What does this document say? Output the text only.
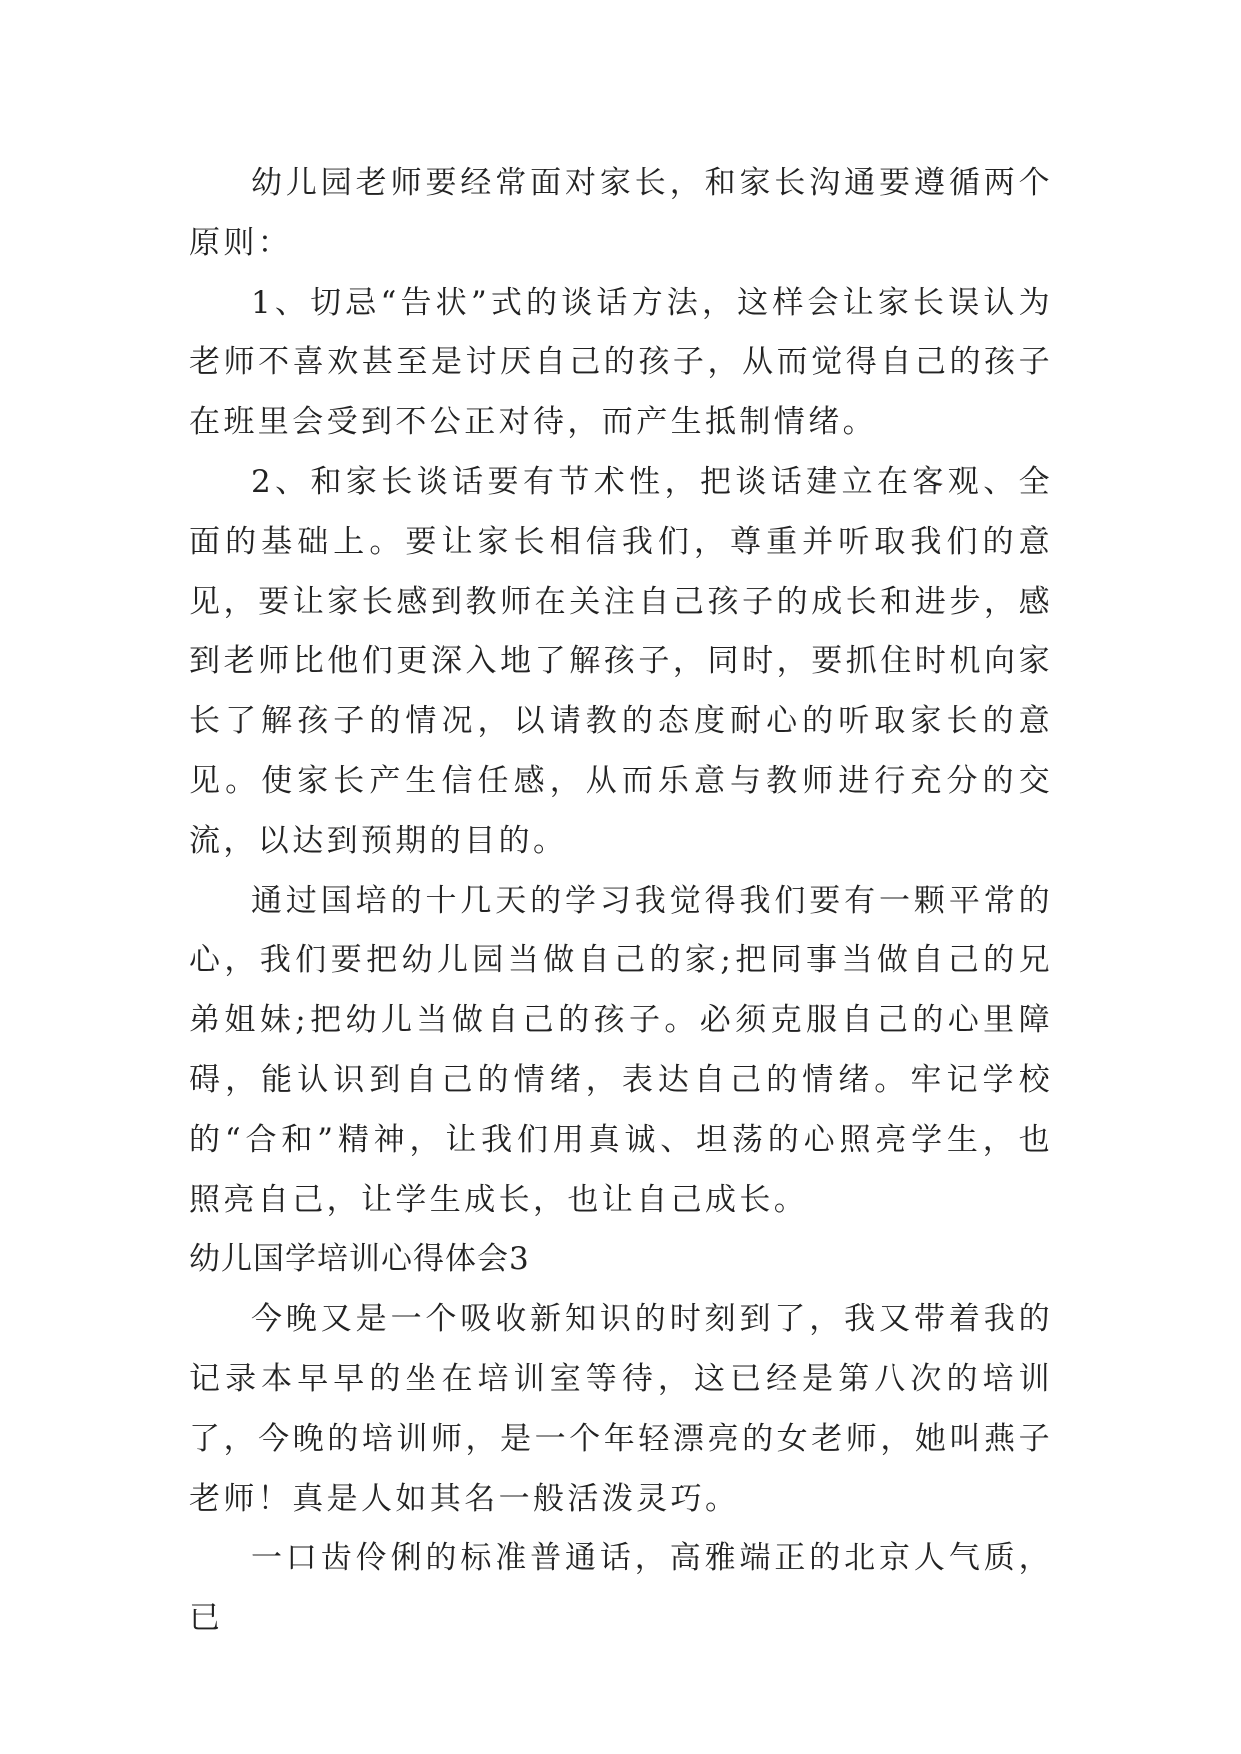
幼儿园老师要经常面对家长，和家长沟通要遵循两个原则：

1、切忌“告状”式的谈话方法，这样会让家长误认为老师不喜欢甚至是讨厌自己的孩子，从而觉得自己的孩子在班里会受到不公正对待，而产生抵制情绪。

2、和家长谈话要有节术性，把谈话建立在客观、全面的基础上。要让家长相信我们，尊重并听取我们的意见，要让家长感到教师在关注自己孩子的成长和进步，感到老师比他们更深入地了解孩子，同时，要抓住时机向家长了解孩子的情况，以请教的态度耐心的听取家长的意见。使家长产生信任感，从而乐意与教师进行充分的交流，以达到预期的目的。

通过国培的十几天的学习我觉得我们要有一颗平常的心，我们要把幼儿园当做自己的家;把同事当做自己的兄弟姐妹;把幼儿当做自己的孩子。必须克服自己的心里障碍，能认识到自己的情绪，表达自己的情绪。牢记学校的“合和”精神，让我们用真诚、坦荡的心照亮学生，也照亮自己，让学生成长，也让自己成长。

幼儿国学培训心得体会3

今晚又是一个吸收新知识的时刻到了，我又带着我的记录本早早的坐在培训室等待，这已经是第八次的培训了，今晚的培训师，是一个年轻漂亮的女老师，她叫燕子老师！真是人如其名一般活泼灵巧。

一口齿伶俐的标准普通话，高雅端正的北京人气质，已
